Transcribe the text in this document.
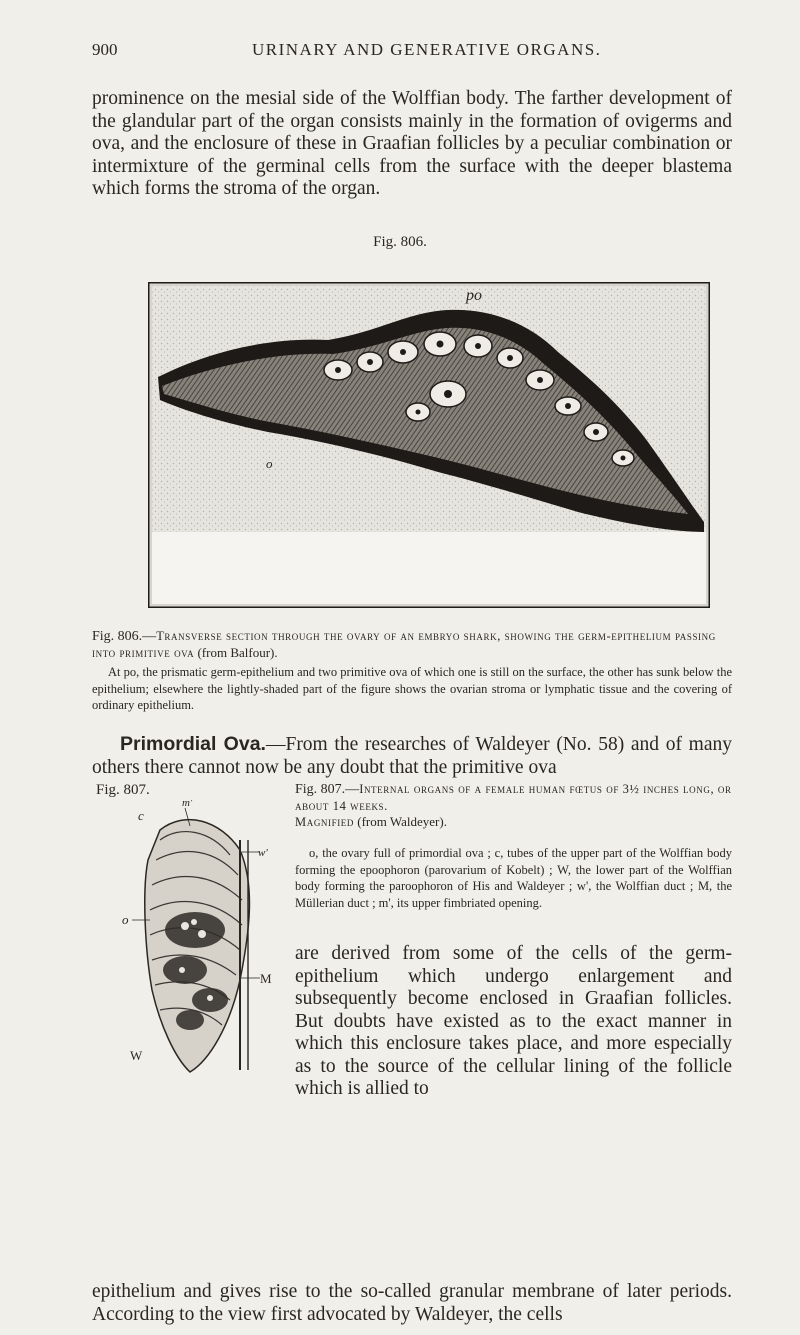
900	URINARY AND GENERATIVE ORGANS.
prominence on the mesial side of the Wolffian body. The farther development of the glandular part of the organ consists mainly in the formation of ovigerms and ova, and the enclosure of these in Graafian follicles by a peculiar combination or intermixture of the germinal cells from the surface with the deeper blastema which forms the stroma of the organ.
Fig. 806.
po
o
Fig. 806.—Transverse section through the ovary of an embryo shark, showing the germ-epithelium passing into primitive ova (from Balfour).
At po, the prismatic germ-epithelium and two primitive ova of which one is still on the surface, the other has sunk below the epithelium; elsewhere the lightly-shaded part of the figure shows the ovarian stroma or lymphatic tissue and the covering of ordinary epithelium.
Primordial Ova.—From the researches of Waldeyer (No. 58) and of many others there cannot now be any doubt that the primitive ova
Fig. 807.
m'
c
o
w'
M
W
Fig. 807.—Internal organs of a female human fœtus of 3½ inches long, or about 14 weeks.
Magnified (from Waldeyer).
o, the ovary full of primordial ova ; c, tubes of the upper part of the Wolffian body forming the epoophoron (parovarium of Kobelt) ; W, the lower part of the Wolffian body forming the paroophoron of His and Waldeyer ; w', the Wolffian duct ; M, the Müllerian duct ; m', its upper fimbriated opening.
are derived from some of the cells of the germ-epithelium which undergo enlargement and subsequently become enclosed in Graafian follicles. But doubts have existed as to the exact manner in which this enclosure takes place, and more especially as to the source of the cellular lining of the follicle which is allied to
epithelium and gives rise to the so-called granular membrane of later periods. According to the view first advocated by Waldeyer, the cells
